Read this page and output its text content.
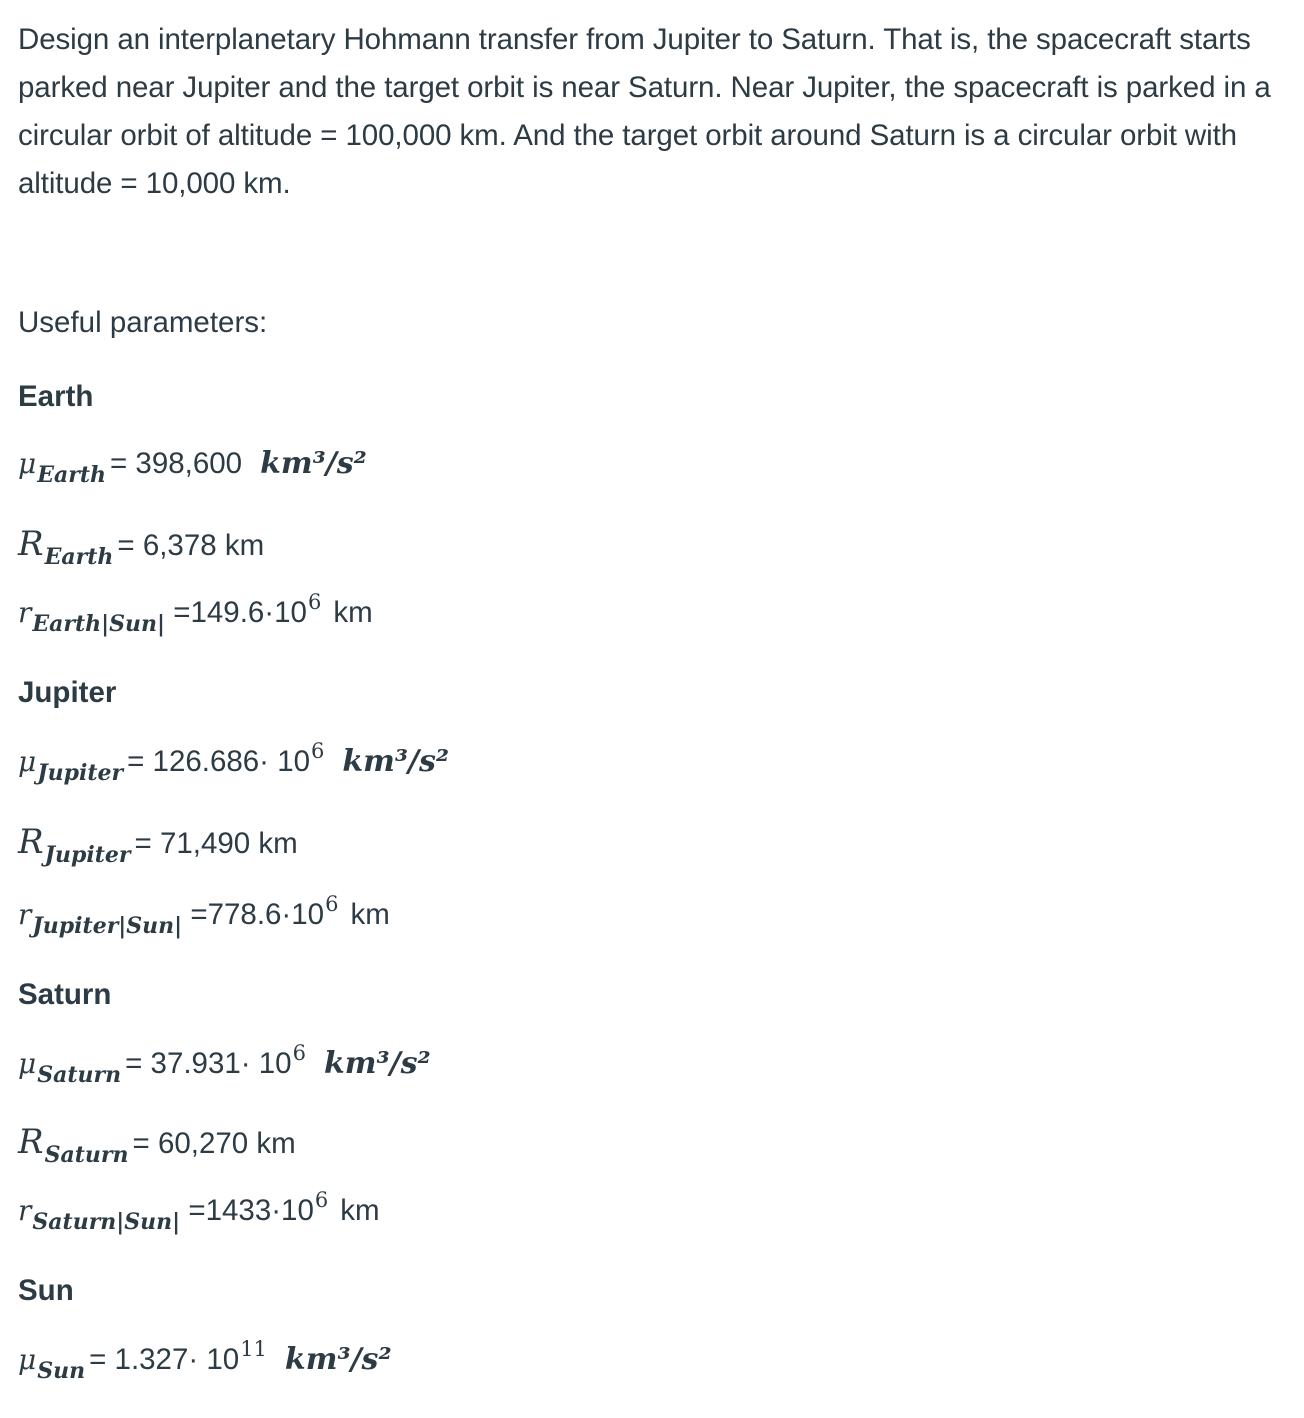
Design an interplanetary Hohmann transfer from Jupiter to Saturn. That is, the spacecraft starts parked near Jupiter and the target orbit is near Saturn. Near Jupiter, the spacecraft is parked in a circular orbit of altitude = 100,000 km. And the target orbit around Saturn is a circular orbit with altitude = 10,000 km.

Useful parameters:
Earth
μ Earth =
398,600 km³/s²
R Earth =
6,378 km
r Earth|Sun|
=149.6·10 6 km
Jupiter
μ Jupiter =
126.686· 10 6 km³/s²
R Jupiter =
71,490 km
r Jupiter|Sun|
=778.6·10 6 km
Saturn
μ Saturn =
37.931· 10 6 km³/s²
R Saturn =
60,270 km
r Saturn|Sun|
=1433·10 6 km
Sun
μ Sun =
1.327· 10 11 km³/s²
